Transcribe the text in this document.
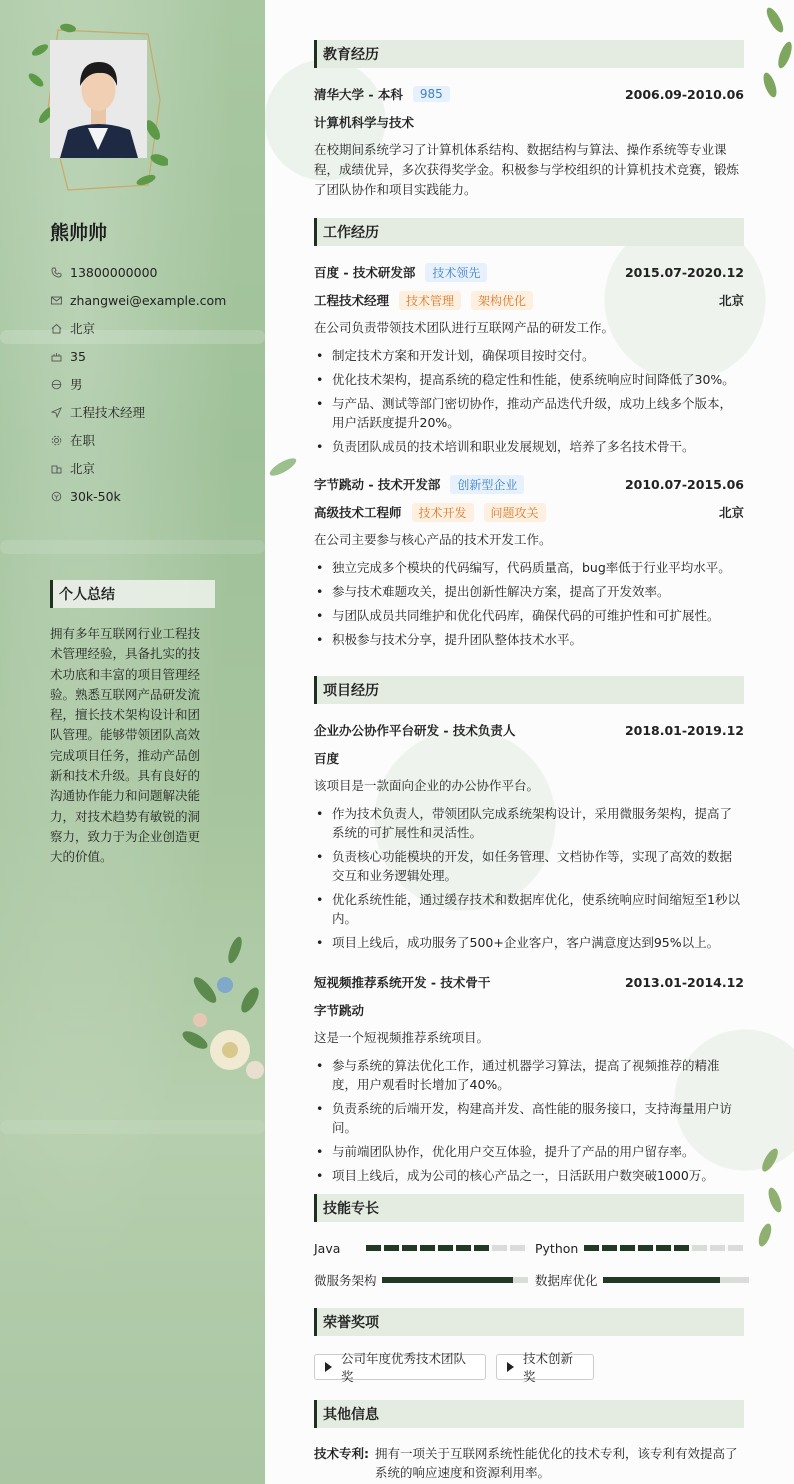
熊帅帅
13800000000
zhangwei@example.com
北京
35
男
工程技术经理
在职
北京
30k-50k
个人总结
拥有多年互联网行业工程技术管理经验，具备扎实的技术功底和丰富的项目管理经验。熟悉互联网产品研发流程，擅长技术架构设计和团队管理。能够带领团队高效完成项目任务，推动产品创新和技术升级。具有良好的沟通协作能力和问题解决能力，对技术趋势有敏锐的洞察力，致力于为企业创造更大的价值。
教育经历
清华大学 - 本科	985	2006.09-2010.06
计算机科学与技术
在校期间系统学习了计算机体系结构、数据结构与算法、操作系统等专业课程，成绩优异，多次获得奖学金。积极参与学校组织的计算机技术竞赛，锻炼了团队协作和项目实践能力。
工作经历
百度 - 技术研发部	技术领先	2015.07-2020.12
工程技术经理	技术管理	架构优化	北京
在公司负责带领技术团队进行互联网产品的研发工作。
• 制定技术方案和开发计划，确保项目按时交付。
• 优化技术架构，提高系统的稳定性和性能，使系统响应时间降低了30%。
• 与产品、测试等部门密切协作，推动产品迭代升级，成功上线多个版本，用户活跃度提升20%。
• 负责团队成员的技术培训和职业发展规划，培养了多名技术骨干。
字节跳动 - 技术开发部	创新型企业	2010.07-2015.06
高级技术工程师	技术开发	问题攻关	北京
在公司主要参与核心产品的技术开发工作。
• 独立完成多个模块的代码编写，代码质量高，bug率低于行业平均水平。
• 参与技术难题攻关，提出创新性解决方案，提高了开发效率。
• 与团队成员共同维护和优化代码库，确保代码的可维护性和可扩展性。
• 积极参与技术分享，提升团队整体技术水平。
项目经历
企业办公协作平台研发 - 技术负责人	2018.01-2019.12
百度
该项目是一款面向企业的办公协作平台。
• 作为技术负责人，带领团队完成系统架构设计，采用微服务架构，提高了系统的可扩展性和灵活性。
• 负责核心功能模块的开发，如任务管理、文档协作等，实现了高效的数据交互和业务逻辑处理。
• 优化系统性能，通过缓存技术和数据库优化，使系统响应时间缩短至1秒以内。
• 项目上线后，成功服务了500+企业客户，客户满意度达到95%以上。
短视频推荐系统开发 - 技术骨干	2013.01-2014.12
字节跳动
这是一个短视频推荐系统项目。
• 参与系统的算法优化工作，通过机器学习算法，提高了视频推荐的精准度，用户观看时长增加了40%。
• 负责系统的后端开发，构建高并发、高性能的服务接口，支持海量用户访问。
• 与前端团队协作，优化用户交互体验，提升了产品的用户留存率。
• 项目上线后，成为公司的核心产品之一，日活跃用户数突破1000万。
技能专长
Java	Python
微服务架构	数据库优化
荣誉奖项
公司年度优秀技术团队奖
技术创新奖
其他信息
技术专利: 拥有一项关于互联网系统性能优化的技术专利，该专利有效提高了系统的响应速度和资源利用率。
